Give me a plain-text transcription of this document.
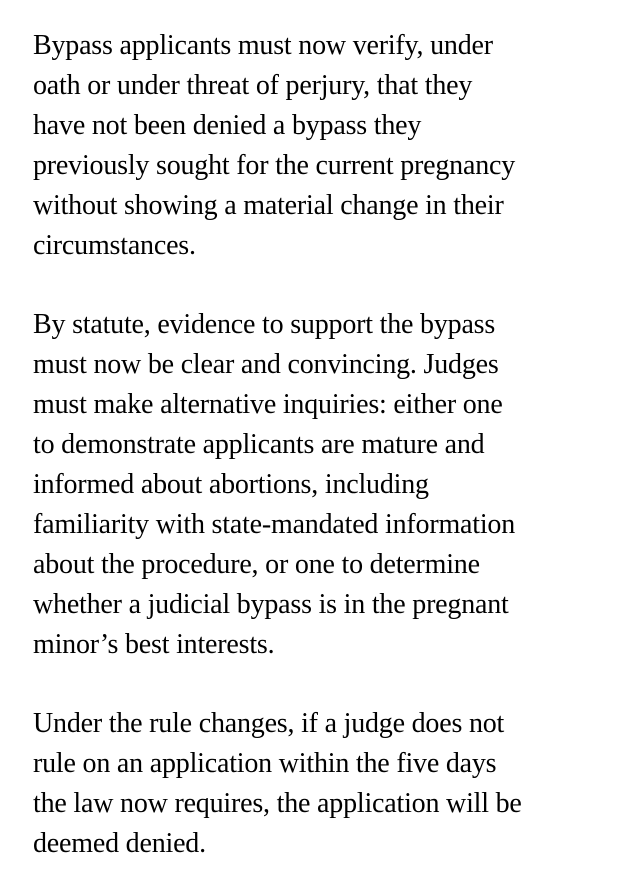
Bypass applicants must now verify, under
oath or under threat of perjury, that they
have not been denied a bypass they
previously sought for the current pregnancy
without showing a material change in their
circumstances.

By statute, evidence to support the bypass
must now be clear and convincing. Judges
must make alternative inquiries: either one
to demonstrate applicants are mature and
informed about abortions, including
familiarity with state-mandated information
about the procedure, or one to determine
whether a judicial bypass is in the pregnant
minor’s best interests.

Under the rule changes, if a judge does not
rule on an application within the five days
the law now requires, the application will be
deemed denied.
